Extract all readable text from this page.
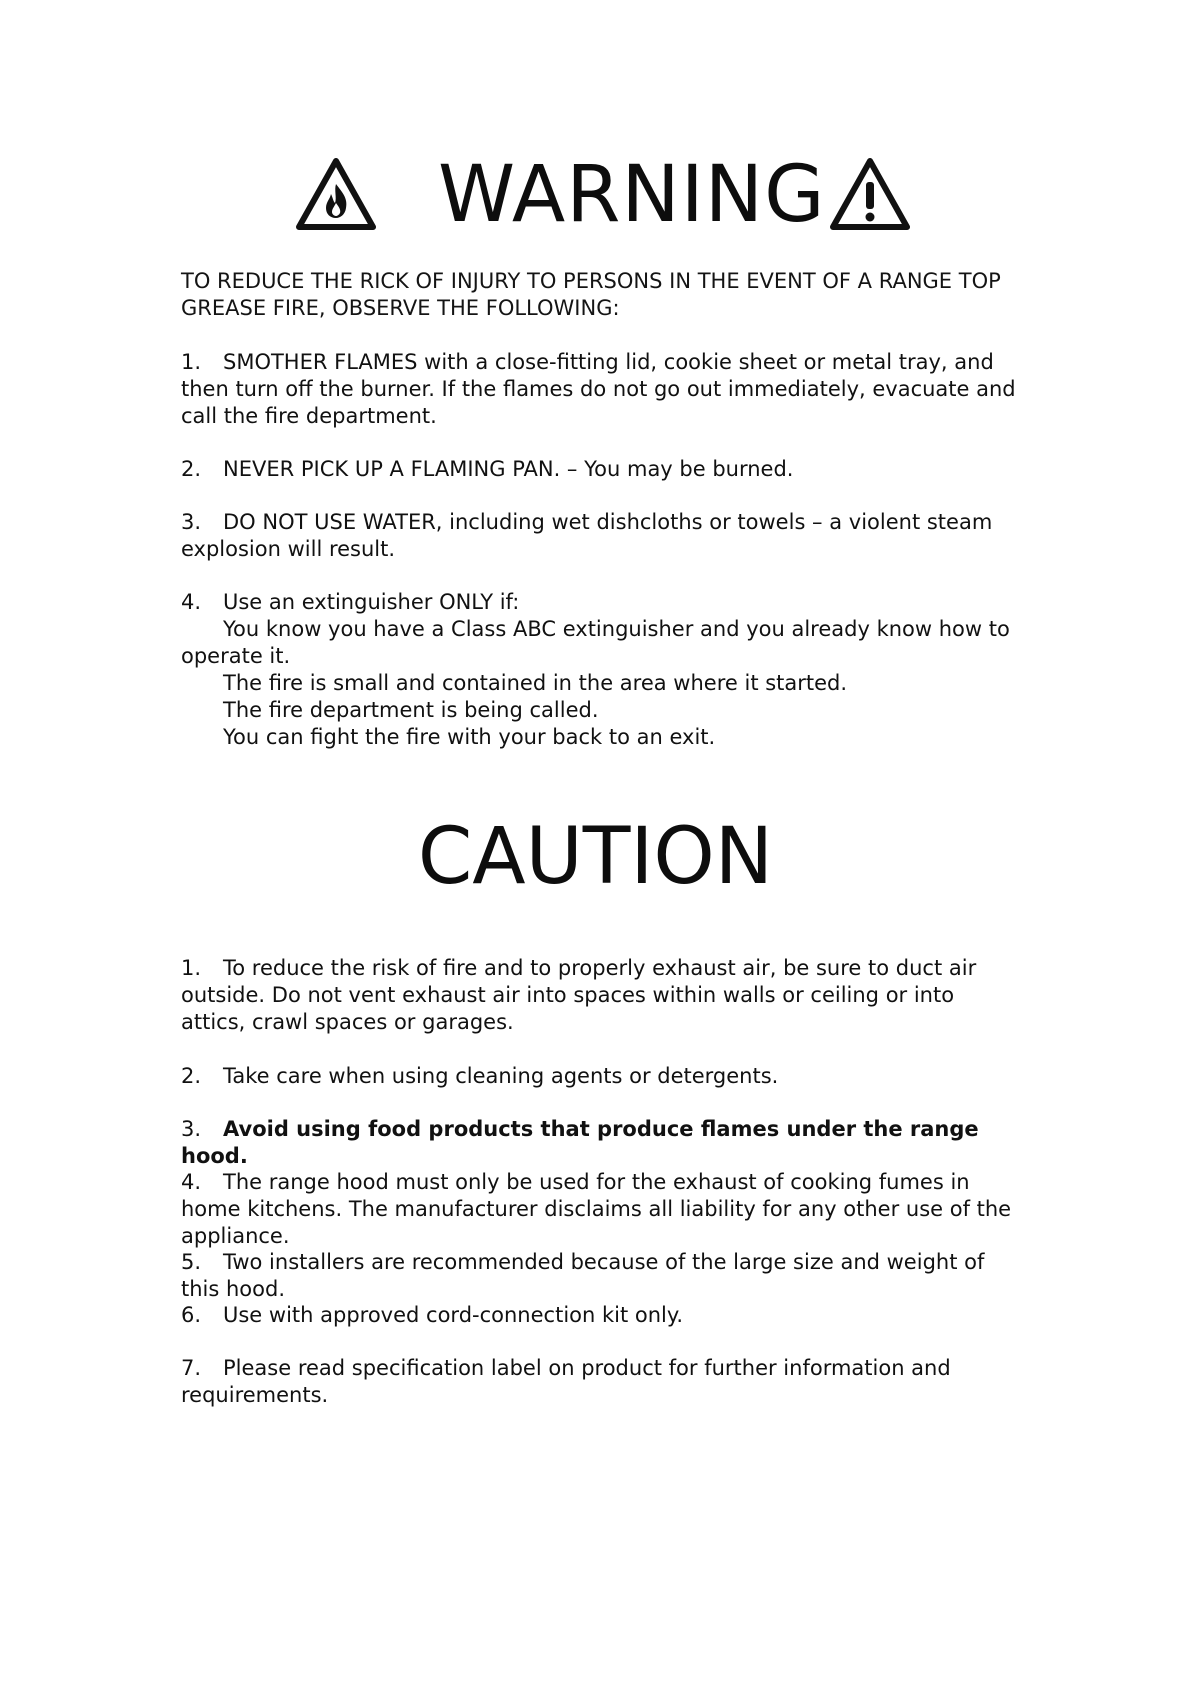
WARNING
TO REDUCE THE RICK OF INJURY TO PERSONS IN THE EVENT OF A RANGE TOP GREASE FIRE, OBSERVE THE FOLLOWING:
1. SMOTHER FLAMES with a close-fitting lid, cookie sheet or metal tray, and then turn off the burner. If the flames do not go out immediately, evacuate and call the fire department.
2. NEVER PICK UP A FLAMING PAN. – You may be burned.
3. DO NOT USE WATER, including wet dishcloths or towels – a violent steam explosion will result.
4. Use an extinguisher ONLY if:
You know you have a Class ABC extinguisher and you already know how to operate it.
The fire is small and contained in the area where it started.
The fire department is being called.
You can fight the fire with your back to an exit.
CAUTION
1. To reduce the risk of fire and to properly exhaust air, be sure to duct air outside. Do not vent exhaust air into spaces within walls or ceiling or into attics, crawl spaces or garages.
2. Take care when using cleaning agents or detergents.
3. Avoid using food products that produce flames under the range hood.
4. The range hood must only be used for the exhaust of cooking fumes in home kitchens. The manufacturer disclaims all liability for any other use of the appliance.
5. Two installers are recommended because of the large size and weight of this hood.
6. Use with approved cord-connection kit only.
7. Please read specification label on product for further information and requirements.
